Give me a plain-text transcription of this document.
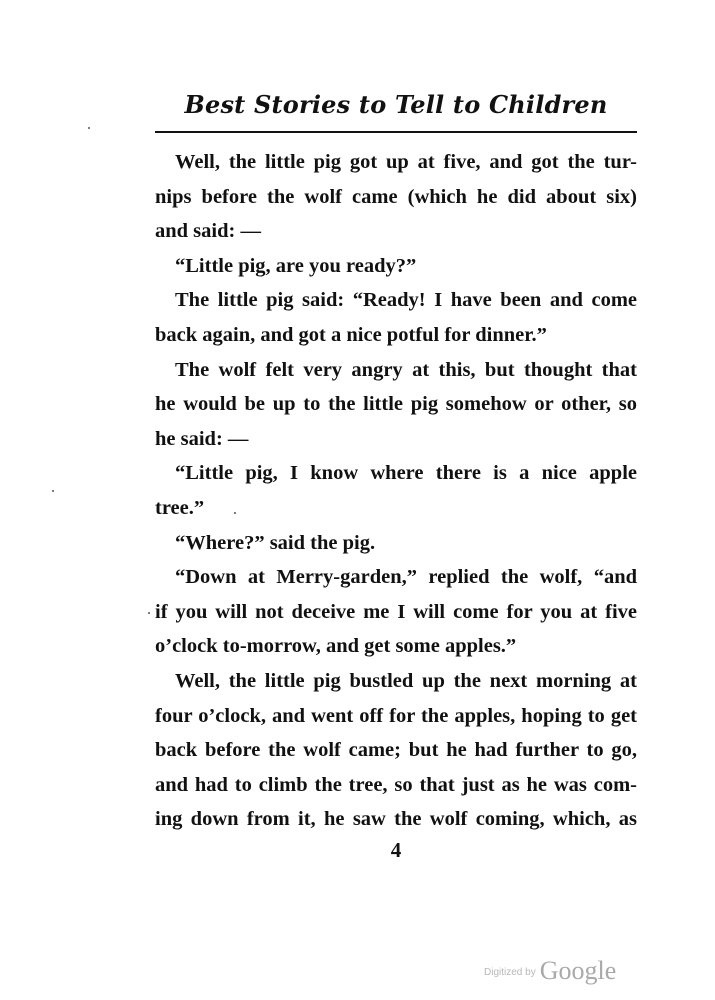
Best Stories to Tell to Children
Well, the little pig got up at five, and got the tur-
nips before the wolf came (which he did about six)
and said: —
“Little pig, are you ready?”
The little pig said: “Ready! I have been and come
back again, and got a nice potful for dinner.”
The wolf felt very angry at this, but thought that
he would be up to the little pig somehow or other, so
he said: —
“Little pig, I know where there is a nice apple
tree.”
“Where?” said the pig.
“Down at Merry-garden,” replied the wolf, “and
if you will not deceive me I will come for you at five
o’clock to-morrow, and get some apples.”
Well, the little pig bustled up the next morning at
four o’clock, and went off for the apples, hoping to get
back before the wolf came; but he had further to go,
and had to climb the tree, so that just as he was com-
ing down from it, he saw the wolf coming, which, as
4
Digitized by Google
